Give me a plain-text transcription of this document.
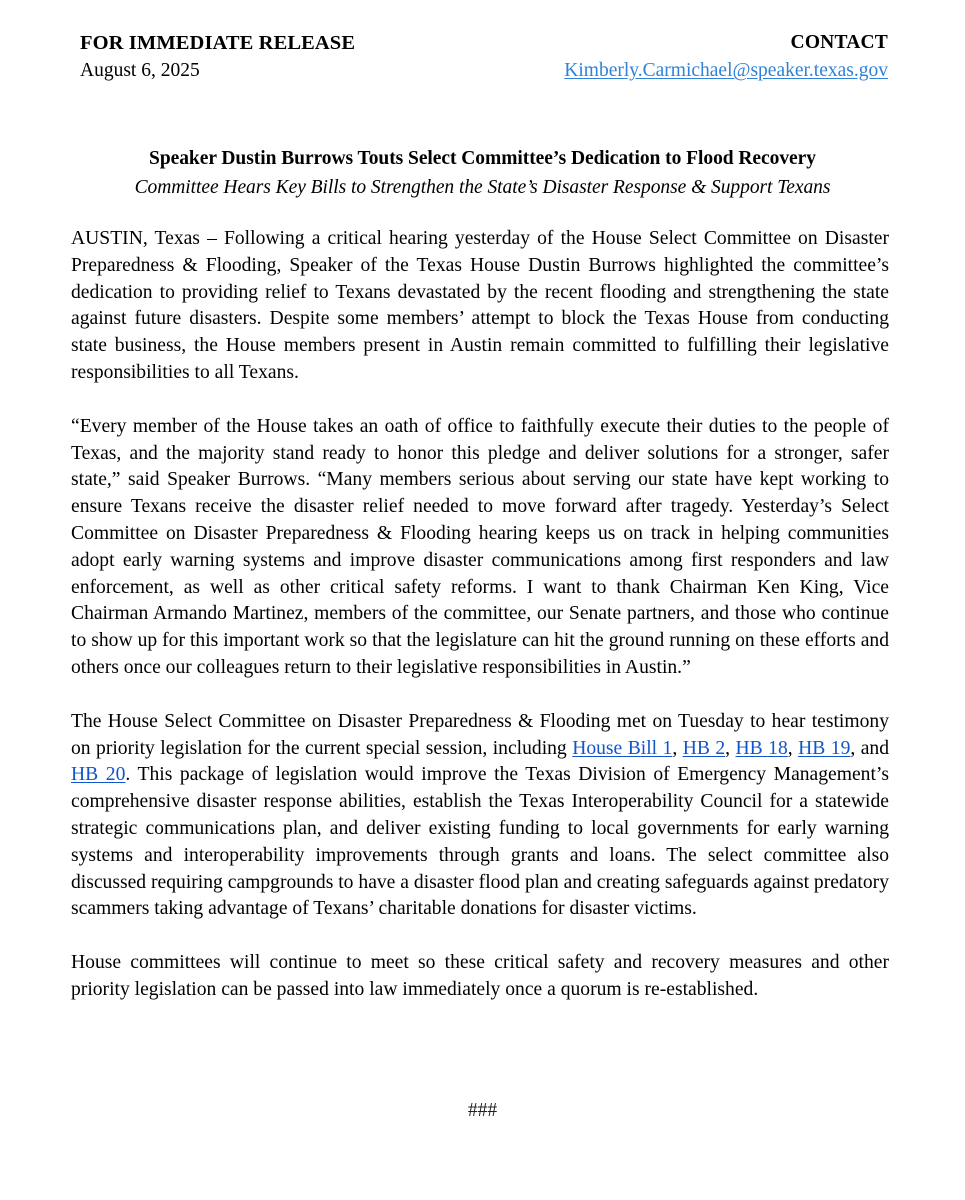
FOR IMMEDIATE RELEASE
August 6, 2025
CONTACT
Kimberly.Carmichael@speaker.texas.gov
Speaker Dustin Burrows Touts Select Committee’s Dedication to Flood Recovery
Committee Hears Key Bills to Strengthen the State’s Disaster Response & Support Texans

AUSTIN, Texas – Following a critical hearing yesterday of the House Select Committee on Disaster Preparedness & Flooding, Speaker of the Texas House Dustin Burrows highlighted the committee’s dedication to providing relief to Texans devastated by the recent flooding and strengthening the state against future disasters. Despite some members’ attempt to block the Texas House from conducting state business, the House members present in Austin remain committed to fulfilling their legislative responsibilities to all Texans.

“Every member of the House takes an oath of office to faithfully execute their duties to the people of Texas, and the majority stand ready to honor this pledge and deliver solutions for a stronger, safer state,” said Speaker Burrows. “Many members serious about serving our state have kept working to ensure Texans receive the disaster relief needed to move forward after tragedy. Yesterday’s Select Committee on Disaster Preparedness & Flooding hearing keeps us on track in helping communities adopt early warning systems and improve disaster communications among first responders and law enforcement, as well as other critical safety reforms. I want to thank Chairman Ken King, Vice Chairman Armando Martinez, members of the committee, our Senate partners, and those who continue to show up for this important work so that the legislature can hit the ground running on these efforts and others once our colleagues return to their legislative responsibilities in Austin.”

The House Select Committee on Disaster Preparedness & Flooding met on Tuesday to hear testimony on priority legislation for the current special session, including House Bill 1, HB 2, HB 18, HB 19, and HB 20. This package of legislation would improve the Texas Division of Emergency Management’s comprehensive disaster response abilities, establish the Texas Interoperability Council for a statewide strategic communications plan, and deliver existing funding to local governments for early warning systems and interoperability improvements through grants and loans. The select committee also discussed requiring campgrounds to have a disaster flood plan and creating safeguards against predatory scammers taking advantage of Texans’ charitable donations for disaster victims.

House committees will continue to meet so these critical safety and recovery measures and other priority legislation can be passed into law immediately once a quorum is re-established.

###
